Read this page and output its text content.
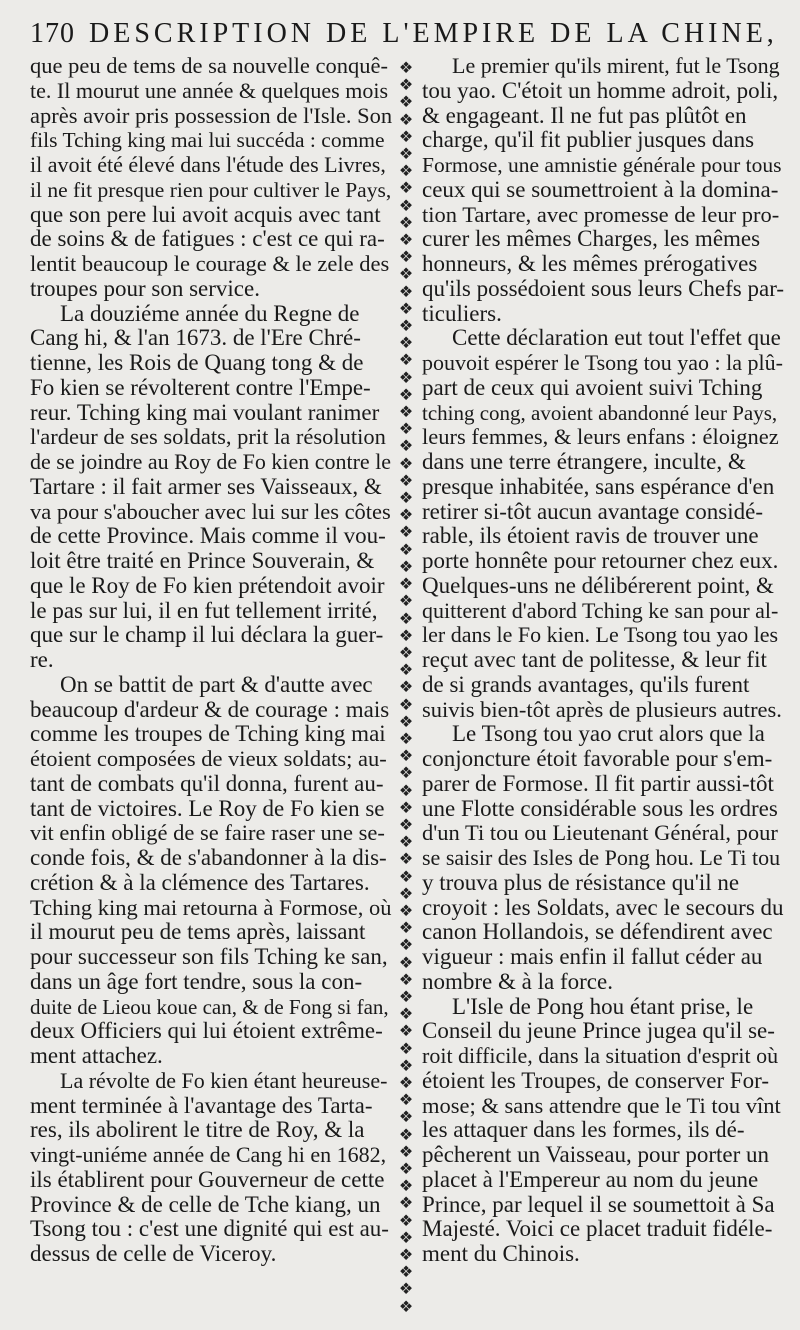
170 DESCRIPTION DE L'EMPIRE DE LA CHINE,
que peu de tems de sa nouvelle conquê-
te. Il mourut une année & quelques mois
après avoir pris possession de l'Isle. Son
fils Tching king mai lui succéda : comme
il avoit été élevé dans l'étude des Livres,
il ne fit presque rien pour cultiver le Pays,
que son pere lui avoit acquis avec tant
de soins & de fatigues : c'est ce qui ra-
lentit beaucoup le courage & le zele des
troupes pour son service.
La douziéme année du Regne de
Cang hi, & l'an 1673. de l'Ere Chré-
tienne, les Rois de Quang tong & de
Fo kien se révolterent contre l'Empe-
reur. Tching king mai voulant ranimer
l'ardeur de ses soldats, prit la résolution
de se joindre au Roy de Fo kien contre le
Tartare : il fait armer ses Vaisseaux, &
va pour s'aboucher avec lui sur les côtes
de cette Province. Mais comme il vou-
loit être traité en Prince Souverain, &
que le Roy de Fo kien prétendoit avoir
le pas sur lui, il en fut tellement irrité,
que sur le champ il lui déclara la guer-
re.
On se battit de part & d'autte avec
beaucoup d'ardeur & de courage : mais
comme les troupes de Tching king mai
étoient composées de vieux soldats; au-
tant de combats qu'il donna, furent au-
tant de victoires. Le Roy de Fo kien se
vit enfin obligé de se faire raser une se-
conde fois, & de s'abandonner à la dis-
crétion & à la clémence des Tartares.
Tching king mai retourna à Formose, où
il mourut peu de tems après, laissant
pour successeur son fils Tching ke san,
dans un âge fort tendre, sous la con-
duite de Lieou koue can, & de Fong si fan,
deux Officiers qui lui étoient extrême-
ment attachez.
La révolte de Fo kien étant heureuse-
ment terminée à l'avantage des Tarta-
res, ils abolirent le titre de Roy, & la
vingt-uniéme année de Cang hi en 1682,
ils établirent pour Gouverneur de cette
Province & de celle de Tche kiang, un
Tsong tou : c'est une dignité qui est au-
dessus de celle de Viceroy.
❖
❖
❖
❖
❖
❖
❖
❖
❖
❖
❖
❖
❖
❖
❖
❖
❖
❖
❖
❖
❖
❖
❖
❖
❖
❖
❖
❖
❖
❖
❖
❖
❖
❖
❖
❖
❖
❖
❖
❖
❖
❖
❖
❖
❖
❖
❖
❖
❖
❖
❖
❖
❖
❖
❖
❖
❖
❖
❖
❖
❖
❖
❖
❖
❖
❖
❖
❖
❖
❖
❖
❖
❖
Le premier qu'ils mirent, fut le Tsong
tou yao. C'étoit un homme adroit, poli,
& engageant. Il ne fut pas plûtôt en
charge, qu'il fit publier jusques dans
Formose, une amnistie générale pour tous
ceux qui se soumettroient à la domina-
tion Tartare, avec promesse de leur pro-
curer les mêmes Charges, les mêmes
honneurs, & les mêmes prérogatives
qu'ils possédoient sous leurs Chefs par-
ticuliers.
Cette déclaration eut tout l'effet que
pouvoit espérer le Tsong tou yao : la plû-
part de ceux qui avoient suivi Tching
tching cong, avoient abandonné leur Pays,
leurs femmes, & leurs enfans : éloignez
dans une terre étrangere, inculte, &
presque inhabitée, sans espérance d'en
retirer si-tôt aucun avantage considé-
rable, ils étoient ravis de trouver une
porte honnête pour retourner chez eux.
Quelques-uns ne délibérerent point, &
quitterent d'abord Tching ke san pour al-
ler dans le Fo kien. Le Tsong tou yao les
reçut avec tant de politesse, & leur fit
de si grands avantages, qu'ils furent
suivis bien-tôt après de plusieurs autres.
Le Tsong tou yao crut alors que la
conjoncture étoit favorable pour s'em-
parer de Formose. Il fit partir aussi-tôt
une Flotte considérable sous les ordres
d'un Ti tou ou Lieutenant Général, pour
se saisir des Isles de Pong hou. Le Ti tou
y trouva plus de résistance qu'il ne
croyoit : les Soldats, avec le secours du
canon Hollandois, se défendirent avec
vigueur : mais enfin il fallut céder au
nombre & à la force.
L'Isle de Pong hou étant prise, le
Conseil du jeune Prince jugea qu'il se-
roit difficile, dans la situation d'esprit où
étoient les Troupes, de conserver For-
mose; & sans attendre que le Ti tou vînt
les attaquer dans les formes, ils dé-
pêcherent un Vaisseau, pour porter un
placet à l'Empereur au nom du jeune
Prince, par lequel il se soumettoit à Sa
Majesté. Voici ce placet traduit fidéle-
ment du Chinois.
